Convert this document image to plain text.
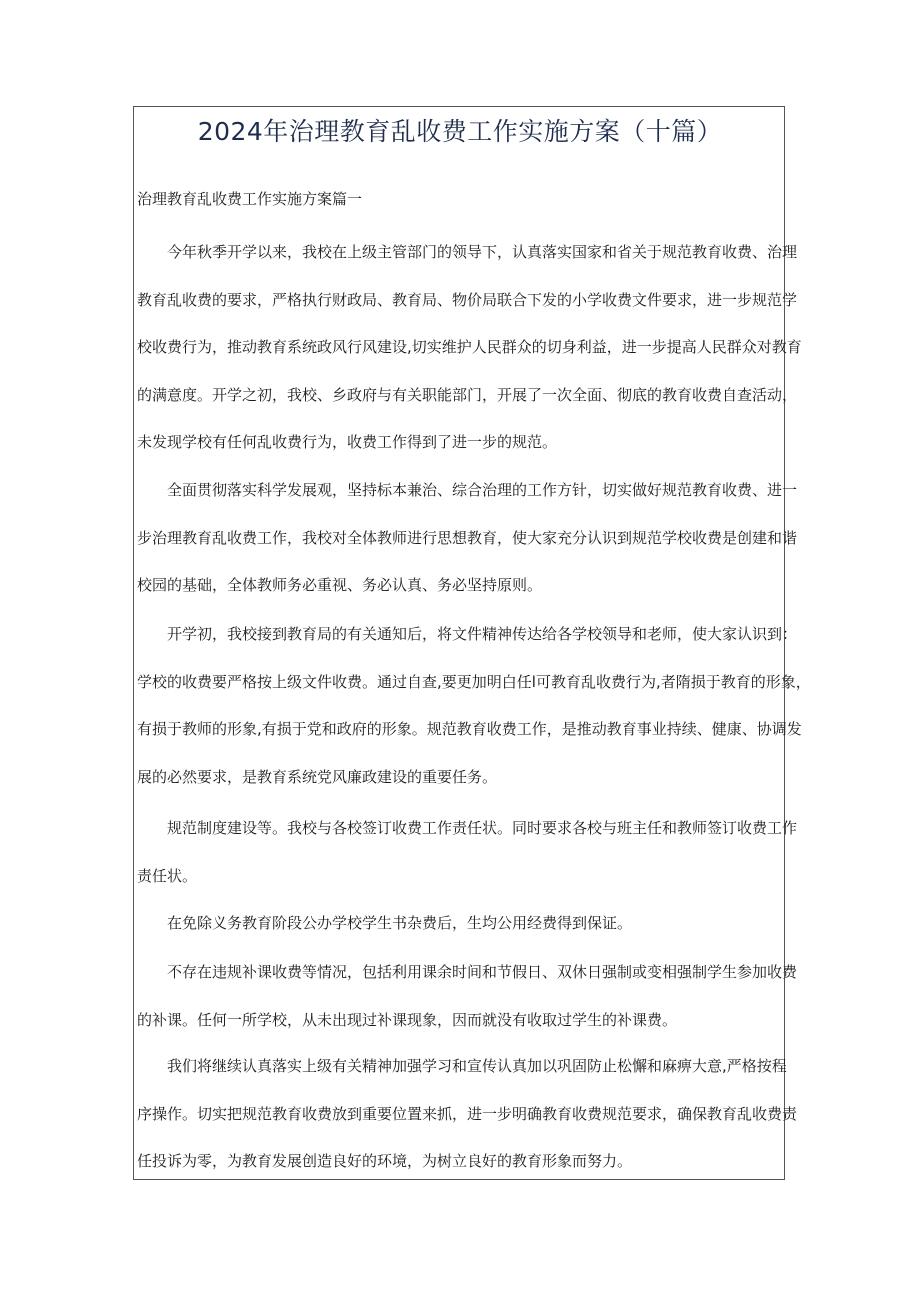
2024年治理教育乱收费工作实施方案（十篇）
治理教育乱收费工作实施方案篇一
今年秋季开学以来，我校在上级主管部门的领导下，认真落实国家和省关于规范教育收费、治理
教育乱收费的要求，严格执行财政局、教育局、物价局联合下发的小学收费文件要求，进一步规范学
校收费行为，推动教育系统政风行风建设,切实维护人民群众的切身利益，进一步提高人民群众对教育
的满意度。开学之初，我校、乡政府与有关职能部门，开展了一次全面、彻底的教育收费自查活动，
未发现学校有任何乱收费行为，收费工作得到了进一步的规范。
全面贯彻落实科学发展观，坚持标本兼治、综合治理的工作方针，切实做好规范教育收费、进一
步治理教育乱收费工作，我校对全体教师进行思想教育，使大家充分认识到规范学校收费是创建和谐
校园的基础，全体教师务必重视、务必认真、务必坚持原则。
开学初，我校接到教育局的有关通知后，将文件精神传达给各学校领导和老师，使大家认识到：
学校的收费要严格按上级文件收费。通过自查,要更加明白任l可教育乱收费行为,者隋损于教育的形象，
有损于教师的形象,有损于党和政府的形象。规范教育收费工作，是推动教育事业持续、健康、协调发
展的必然要求，是教育系统党风廉政建设的重要任务。
规范制度建设等。我校与各校签订收费工作责任状。同时要求各校与班主任和教师签订收费工作
责任状。
在免除义务教育阶段公办学校学生书杂费后，生均公用经费得到保证。
不存在违规补课收费等情况，包括利用课余时间和节假日、双休日强制或变相强制学生参加收费
的补课。任何一所学校，从未出现过补课现象，因而就没有收取过学生的补课费。
我们将继续认真落实上级有关精神加强学习和宣传认真加以巩固防止松懈和麻痹大意,严格按程
序操作。切实把规范教育收费放到重要位置来抓，进一步明确教育收费规范要求，确保教育乱收费责
任投诉为零，为教育发展创造良好的环境，为树立良好的教育形象而努力。
